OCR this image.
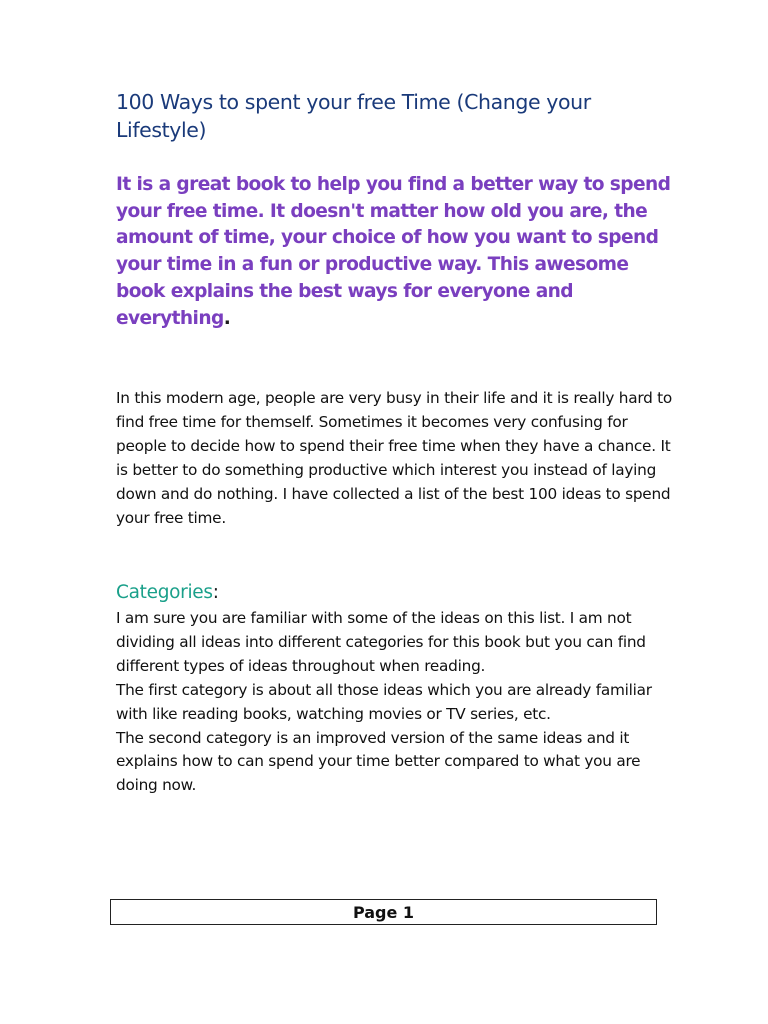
100 Ways to spent your free Time (Change your Lifestyle)

It is a great book to help you find a better way to spend your free time. It doesn't matter how old you are, the amount of time, your choice of how you want to spend your time in a fun or productive way. This awesome book explains the best ways for everyone and everything.

In this modern age, people are very busy in their life and it is really hard to find free time for themself. Sometimes it becomes very confusing for people to decide how to spend their free time when they have a chance. It is better to do something productive which interest you instead of laying down and do nothing. I have collected a list of the best 100 ideas to spend your free time.

Categories:
I am sure you are familiar with some of the ideas on this list. I am not dividing all ideas into different categories for this book but you can find different types of ideas throughout when reading.
The first category is about all those ideas which you are already familiar with like reading books, watching movies or TV series, etc.
The second category is an improved version of the same ideas and it explains how to can spend your time better compared to what you are doing now.
Page 1
